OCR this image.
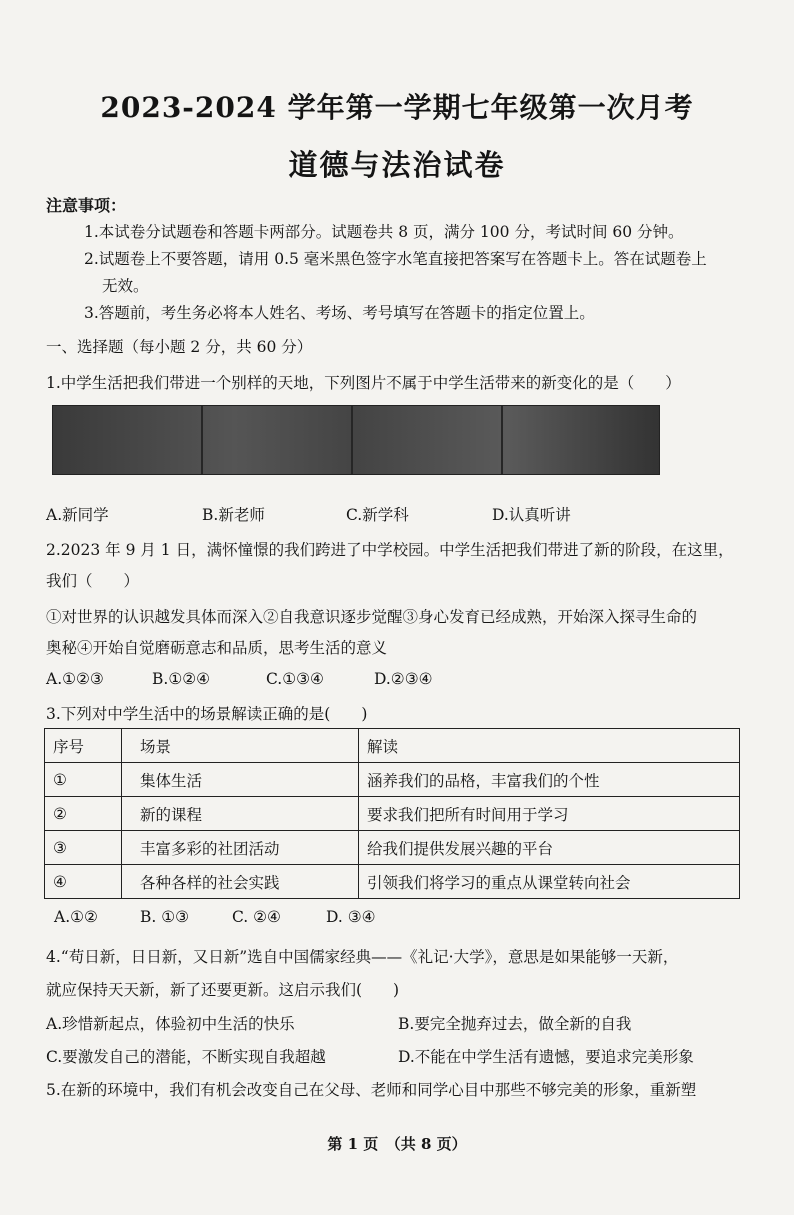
2023-2024 学年第一学期七年级第一次月考
道德与法治试卷
注意事项：
1.本试卷分试题卷和答题卡两部分。试题卷共 8 页，满分 100 分，考试时间 60 分钟。
2.试题卷上不要答题，请用 0.5 毫米黑色签字水笔直接把答案写在答题卡上。答在试题卷上
无效。
3.答题前，考生务必将本人姓名、考场、考号填写在答题卡的指定位置上。
一、选择题（每小题 2 分，共 60 分）
1.中学生活把我们带进一个别样的天地，下列图片不属于中学生活带来的新变化的是（　　）
A.新同学	B.新老师	C.新学科	D.认真听讲
2.2023 年 9 月 1 日，满怀憧憬的我们跨进了中学校园。中学生活把我们带进了新的阶段，在这里，
我们（　　）
①对世界的认识越发具体而深入②自我意识逐步觉醒③身心发育已经成熟，开始深入探寻生命的
奥秘④开始自觉磨砺意志和品质，思考生活的意义
A.①②③	B.①②④	C.①③④	D.②③④
3.下列对中学生活中的场景解读正确的是(　　)
序号	场景	解读
①	集体生活	涵养我们的品格，丰富我们的个性
②	新的课程	要求我们把所有时间用于学习
③	丰富多彩的社团活动	给我们提供发展兴趣的平台
④	各种各样的社会实践	引领我们将学习的重点从课堂转向社会
A.①②	B. ①③	C. ②④	D. ③④
4.“苟日新，日日新，又日新”选自中国儒家经典——《礼记·大学》，意思是如果能够一天新，
就应保持天天新，新了还要更新。这启示我们(　　)
A.珍惜新起点，体验初中生活的快乐	B.要完全抛弃过去，做全新的自我
C.要激发自己的潜能，不断实现自我超越	D.不能在中学生活有遗憾，要追求完美形象
5.在新的环境中，我们有机会改变自己在父母、老师和同学心目中那些不够完美的形象，重新塑
第 1 页　（共 8 页）
